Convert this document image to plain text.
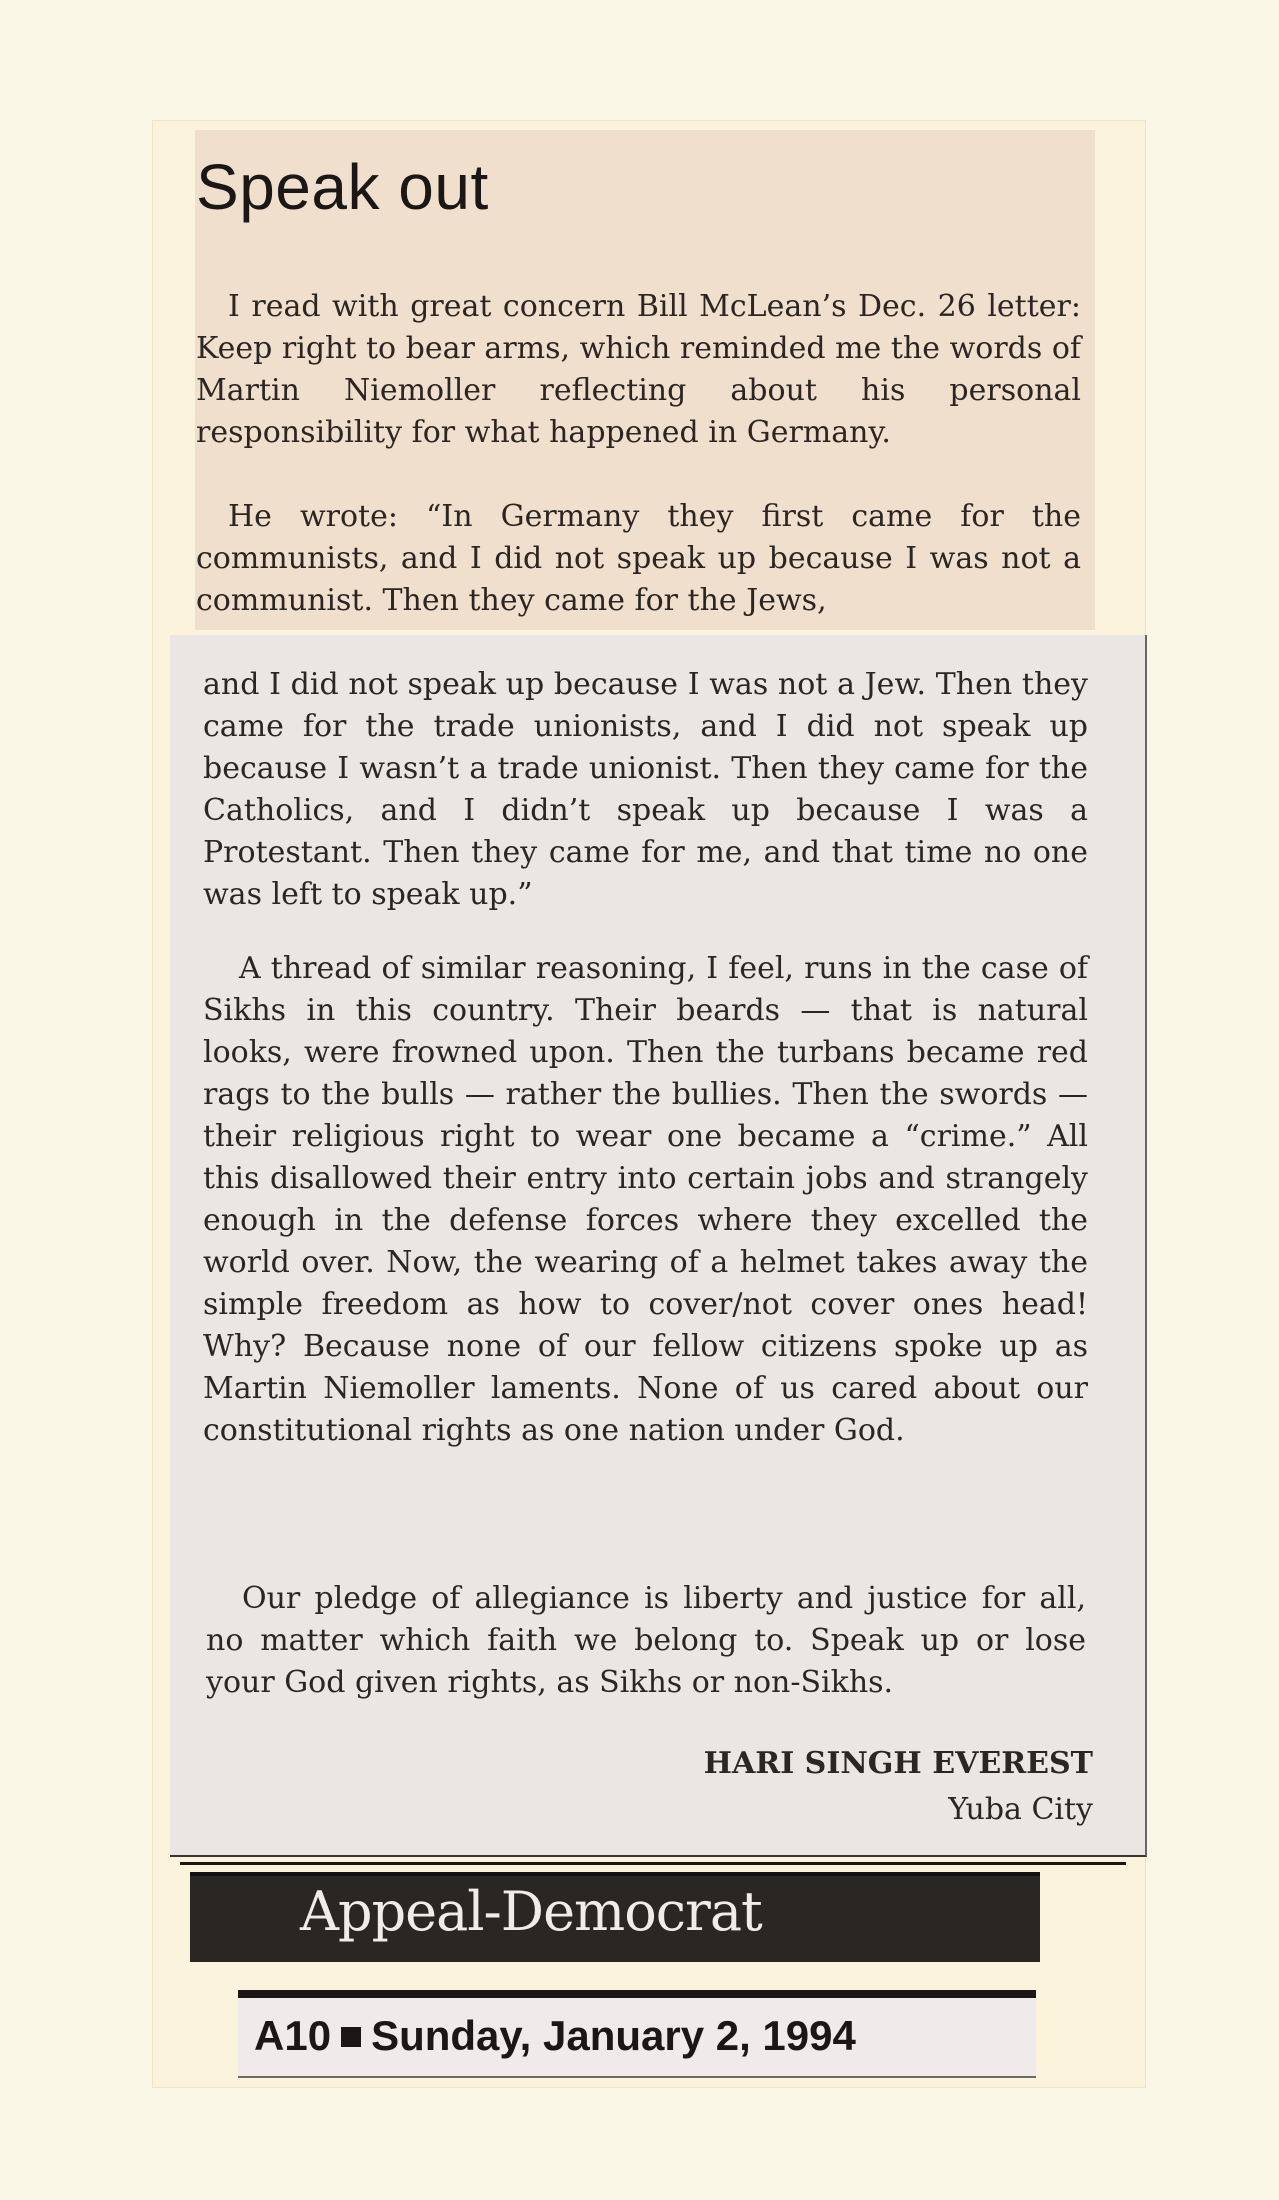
Speak out

I read with great concern Bill McLean’s Dec. 26 letter: Keep right to bear arms, which reminded me the words of Martin Niemoller reflecting about his personal responsibility for what happened in Germany.

He wrote: “In Germany they first came for the communists, and I did not speak up because I was not a communist. Then they came for the Jews,

and I did not speak up because I was not a Jew. Then they came for the trade unionists, and I did not speak up because I wasn’t a trade unionist. Then they came for the Catholics, and I didn’t speak up because I was a Protestant. Then they came for me, and that time no one was left to speak up.”

A thread of similar reasoning, I feel, runs in the case of Sikhs in this country. Their beards — that is natural looks, were frowned upon. Then the turbans became red rags to the bulls — rather the bullies. Then the swords — their religious right to wear one became a “crime.” All this disallowed their entry into certain jobs and strangely enough in the defense forces where they excelled the world over. Now, the wearing of a helmet takes away the simple freedom as how to cover/not cover ones head! Why? Because none of our fellow citizens spoke up as Martin Niemoller laments. None of us cared about our constitutional rights as one nation under God.

Our pledge of allegiance is liberty and justice for all, no matter which faith we belong to. Speak up or lose your God given rights, as Sikhs or non-Sikhs.

HARI SINGH EVEREST

Yuba City

Appeal-Democrat

A10 Sunday, January 2, 1994
